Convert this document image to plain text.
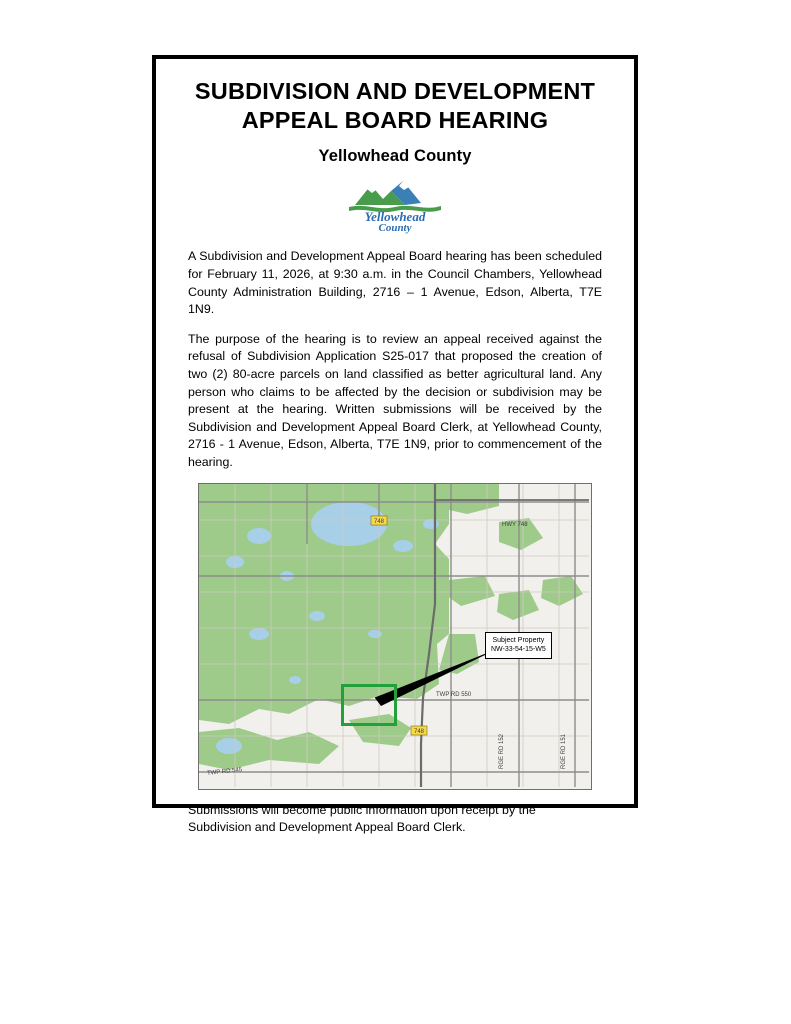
SUBDIVISION AND DEVELOPMENT
APPEAL BOARD HEARING
Yellowhead County
Yellowhead
County

A Subdivision and Development Appeal Board hearing has been scheduled for February 11, 2026, at 9:30 a.m. in the Council Chambers, Yellowhead County Administration Building, 2716 – 1 Avenue, Edson, Alberta, T7E 1N9.

The purpose of the hearing is to review an appeal received against the refusal of Subdivision Application S25-017 that proposed the creation of two (2) 80-acre parcels on land classified as better agricultural land. Any person who claims to be affected by the decision or subdivision may be present at the hearing. Written submissions will be received by the Subdivision and Development Appeal Board Clerk, at Yellowhead County, 2716 - 1 Avenue, Edson, Alberta, T7E 1N9, prior to commencement of the hearing.

748
748
Subject Property
NW-33-54-15-W5
HWY 748
TWP RD 550
TWP RD 545
RGE RD 152	RGE RD 151

Submissions will become public information upon receipt by the Subdivision and Development Appeal Board Clerk.
